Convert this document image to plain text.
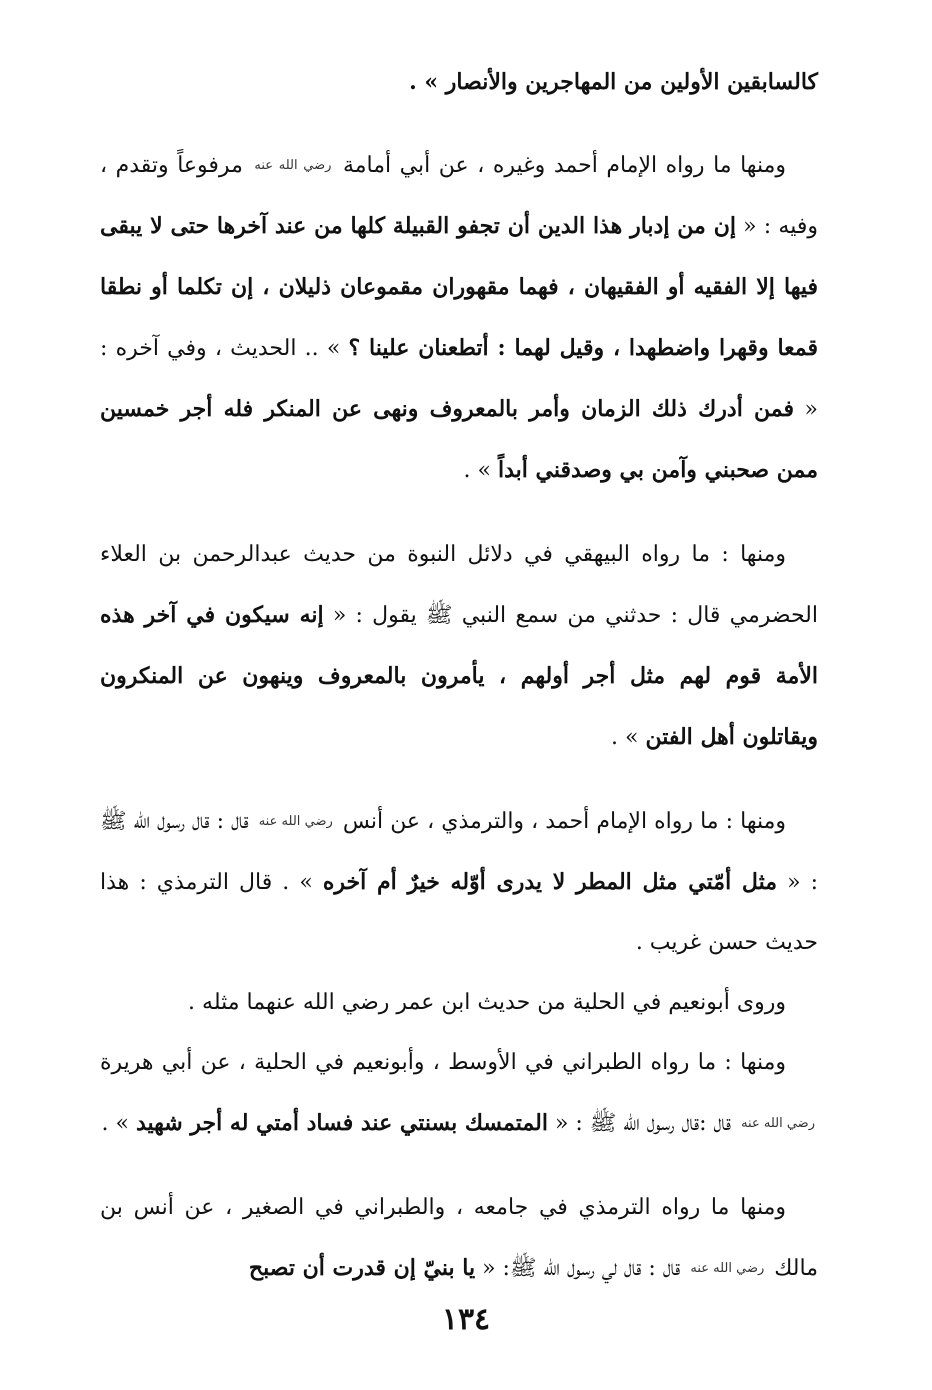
كالسابقين الأولين من المهاجرين والأنصار » .

ومنها ما رواه الإمام أحمد وغيره ، عن أبي أمامة رضي الله عنه مرفوعاً وتقدم ، وفيه : « إن من إدبار هذا الدين أن تجفو القبيلة كلها من عند آخرها حتى لا يبقى فيها إلا الفقيه أو الفقيهان ، فهما مقهوران مقموعان ذليلان ، إن تكلما أو نطقا قمعا وقهرا واضطهدا ، وقيل لهما : أتطعنان علينا ؟ » .. الحديث ، وفي آخره : « فمن أدرك ذلك الزمان وأمر بالمعروف ونهى عن المنكر فله أجر خمسين ممن صحبني وآمن بي وصدقني أبداً » .

ومنها : ما رواه البيهقي في دلائل النبوة من حديث عبدالرحمن بن العلاء الحضرمي قال : حدثني من سمع النبي ﷺ يقول : « إنه سيكون في آخر هذه الأمة قوم لهم مثل أجر أولهم ، يأمرون بالمعروف وينهون عن المنكرون ويقاتلون أهل الفتن » .

ومنها : ما رواه الإمام أحمد ، والترمذي ، عن أنس رضي الله عنه قال : قال رسول الله ﷺ : « مثل أمّتي مثل المطر لا يدرى أوّله خيرٌ أم آخره » . قال الترمذي : هذا حديث حسن غريب .

وروى أبونعيم في الحلية من حديث ابن عمر رضي الله عنهما مثله .

ومنها : ما رواه الطبراني في الأوسط ، وأبونعيم في الحلية ، عن أبي هريرة رضي الله عنه قال :قال رسول الله ﷺ : « المتمسك بسنتي عند فساد أمتي له أجر شهيد » .

ومنها ما رواه الترمذي في جامعه ، والطبراني في الصغير ، عن أنس بن مالك رضي الله عنه قال : قال لي رسول الله ﷺ: « يا بنيّ إن قدرت أن تصبح

١٣٤
